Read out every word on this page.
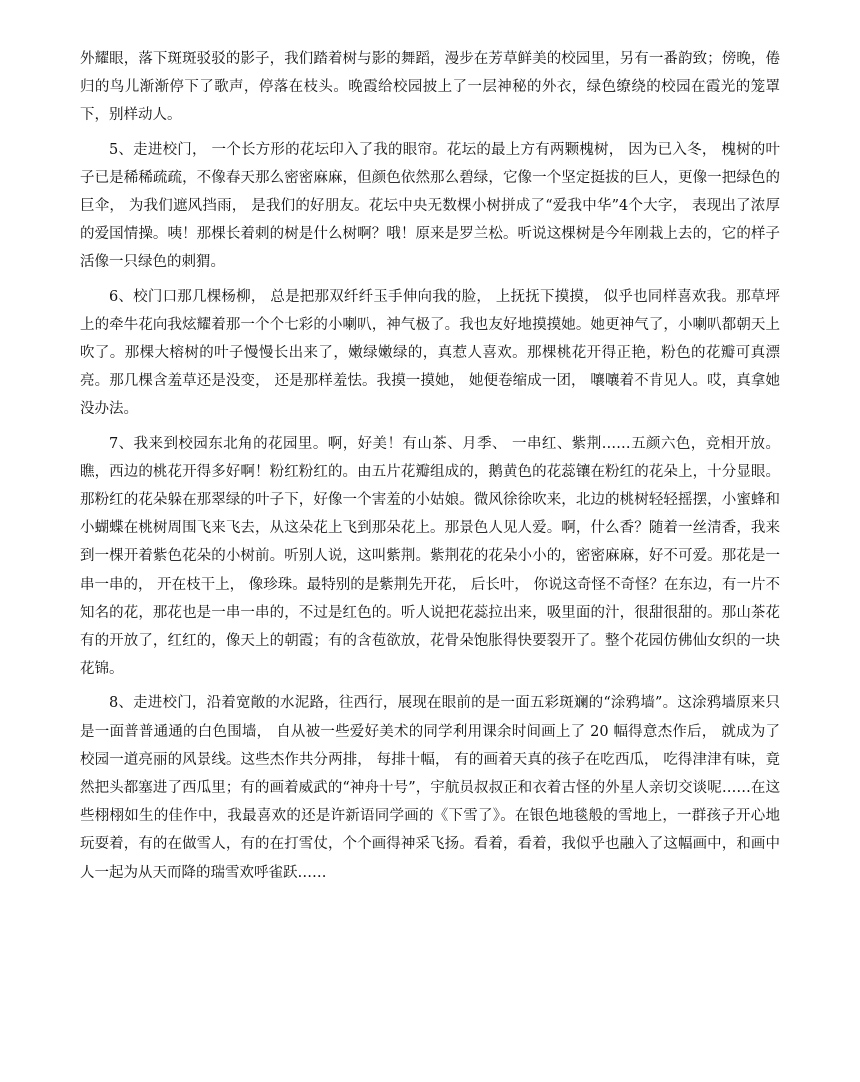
外耀眼，落下斑斑驳驳的影子，我们踏着树与影的舞蹈，漫步在芳草鲜美的校园里，另有一番韵致；傍晚，倦归的鸟儿渐渐停下了歌声，停落在枝头。晚霞给校园披上了一层神秘的外衣，绿色缭绕的校园在霞光的笼罩下，别样动人。

5、走进校门， 一个长方形的花坛印入了我的眼帘。花坛的最上方有两颗槐树， 因为已入冬， 槐树的叶子已是稀稀疏疏，不像春天那么密密麻麻，但颜色依然那么碧绿，它像一个坚定挺拔的巨人，更像一把绿色的巨伞， 为我们遮风挡雨， 是我们的好朋友。花坛中央无数棵小树拼成了“爱我中华”4个大字， 表现出了浓厚的爱国情操。咦！那棵长着刺的树是什么树啊？哦！原来是罗兰松。听说这棵树是今年刚栽上去的，它的样子活像一只绿色的刺猬。

6、校门口那几棵杨柳， 总是把那双纤纤玉手伸向我的脸， 上抚抚下摸摸， 似乎也同样喜欢我。那草坪上的牵牛花向我炫耀着那一个个七彩的小喇叭，神气极了。我也友好地摸摸她。她更神气了，小喇叭都朝天上吹了。那棵大榕树的叶子慢慢长出来了，嫩绿嫩绿的，真惹人喜欢。那棵桃花开得正艳，粉色的花瓣可真漂亮。那几棵含羞草还是没变， 还是那样羞怯。我摸一摸她， 她便卷缩成一团， 嚷嚷着不肯见人。哎，真拿她没办法。

7、我来到校园东北角的花园里。啊，好美！有山茶、月季、 一串红、紫荆……五颜六色，竞相开放。瞧，西边的桃花开得多好啊！粉红粉红的。由五片花瓣组成的，鹅黄色的花蕊镶在粉红的花朵上，十分显眼。那粉红的花朵躲在那翠绿的叶子下，好像一个害羞的小姑娘。微风徐徐吹来，北边的桃树轻轻摇摆，小蜜蜂和小蝴蝶在桃树周围飞来飞去，从这朵花上飞到那朵花上。那景色人见人爱。啊，什么香？随着一丝清香，我来到一棵开着紫色花朵的小树前。听别人说，这叫紫荆。紫荆花的花朵小小的，密密麻麻，好不可爱。那花是一串一串的， 开在枝干上， 像珍珠。最特别的是紫荆先开花， 后长叶， 你说这奇怪不奇怪？在东边，有一片不知名的花，那花也是一串一串的，不过是红色的。听人说把花蕊拉出来，吸里面的汁，很甜很甜的。那山茶花有的开放了，红红的，像天上的朝霞；有的含苞欲放，花骨朵饱胀得快要裂开了。整个花园仿佛仙女织的一块花锦。

8、走进校门，沿着宽敞的水泥路，往西行，展现在眼前的是一面五彩斑斓的“涂鸦墙”。这涂鸦墙原来只是一面普普通通的白色围墙， 自从被一些爱好美术的同学利用课余时间画上了 20 幅得意杰作后， 就成为了校园一道亮丽的风景线。这些杰作共分两排， 每排十幅， 有的画着天真的孩子在吃西瓜， 吃得津津有味，竟然把头都塞进了西瓜里；有的画着威武的“神舟十号”，宇航员叔叔正和衣着古怪的外星人亲切交谈呢……在这些栩栩如生的佳作中，我最喜欢的还是许新语同学画的《下雪了》。在银色地毯般的雪地上，一群孩子开心地玩耍着，有的在做雪人，有的在打雪仗，个个画得神采飞扬。看着，看着，我似乎也融入了这幅画中，和画中人一起为从天而降的瑞雪欢呼雀跃……
